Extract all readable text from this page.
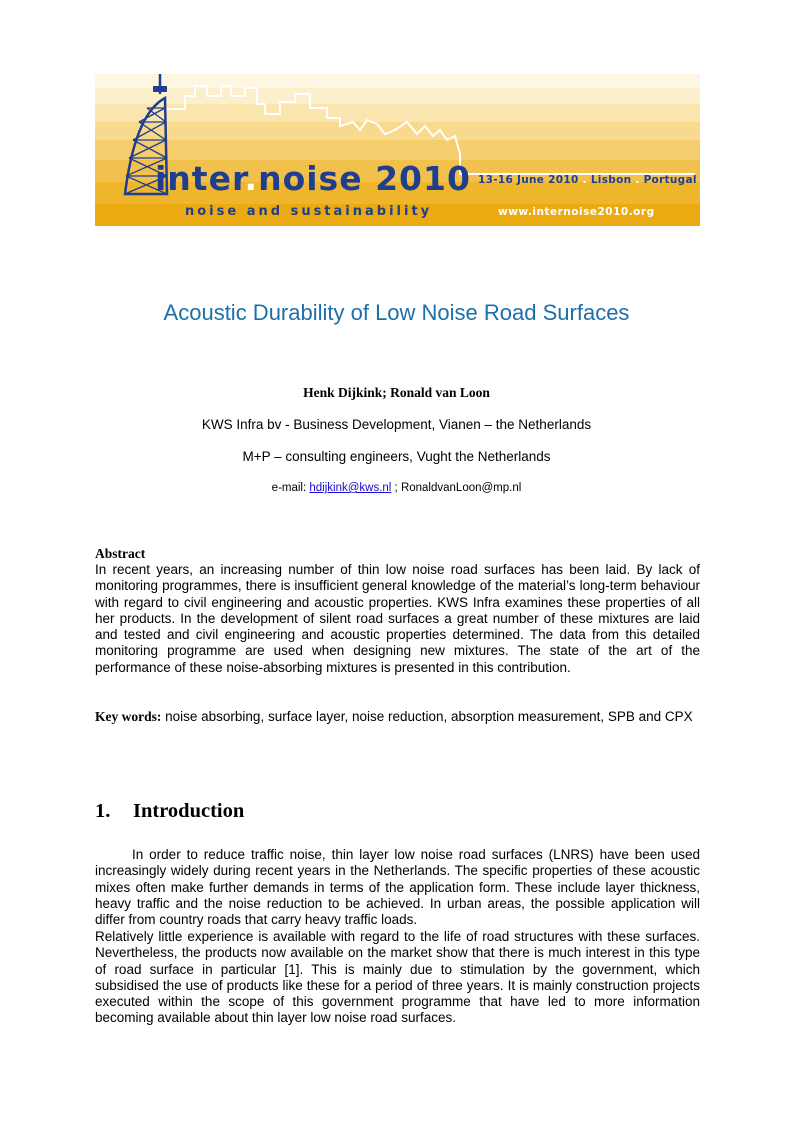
inter.noise 2010
noise and sustainability
13-16 June 2010 . Lisbon . Portugal
www.internoise2010.org
Acoustic Durability of Low Noise Road Surfaces
Henk Dijkink; Ronald van Loon
KWS Infra bv - Business Development, Vianen – the Netherlands
M+P – consulting engineers, Vught the Netherlands
e-mail: hdijkink@kws.nl ; RonaldvanLoon@mp.nl
Abstract

In recent years, an increasing number of thin low noise road surfaces has been laid. By lack of monitoring programmes, there is insufficient general knowledge of the material’s long-term behaviour with regard to civil engineering and acoustic properties. KWS Infra examines these properties of all her products. In the development of silent road surfaces a great number of these mixtures are laid and tested and civil engineering and acoustic properties determined. The data from this detailed monitoring programme are used when designing new mixtures. The state of the art of the performance of these noise-absorbing mixtures is presented in this contribution.

Key words: noise absorbing, surface layer, noise reduction, absorption measurement, SPB and CPX

1. Introduction

In order to reduce traffic noise, thin layer low noise road surfaces (LNRS) have been used increasingly widely during recent years in the Netherlands. The specific properties of these acoustic mixes often make further demands in terms of the application form. These include layer thickness, heavy traffic and the noise reduction to be achieved. In urban areas, the possible application will differ from country roads that carry heavy traffic loads.

Relatively little experience is available with regard to the life of road structures with these surfaces. Nevertheless, the products now available on the market show that there is much interest in this type of road surface in particular [1]. This is mainly due to stimulation by the government, which subsidised the use of products like these for a period of three years. It is mainly construction projects executed within the scope of this government programme that have led to more information becoming available about thin layer low noise road surfaces.
